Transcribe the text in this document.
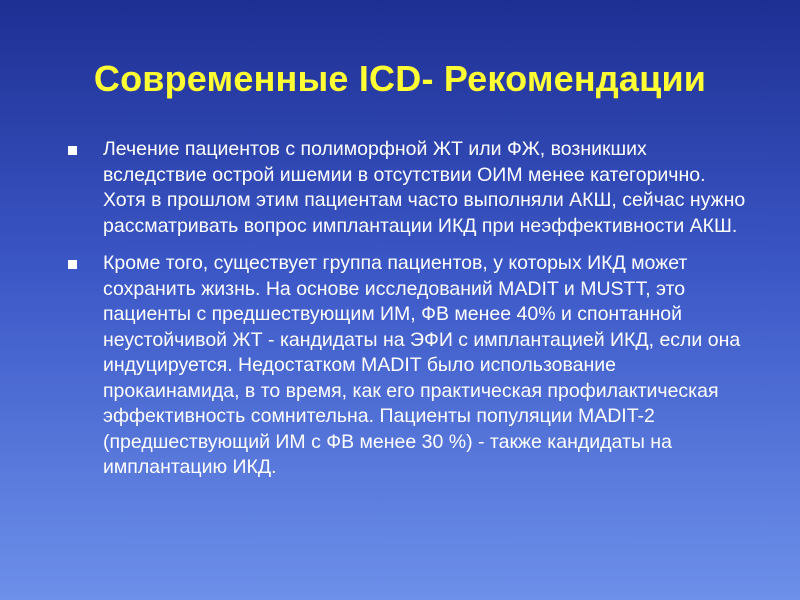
Современные ICD- Рекомендации
Лечение пациентов с полиморфной ЖТ или ФЖ, возникших вследствие острой ишемии в отсутствии ОИМ менее категорично. Хотя в прошлом этим пациентам часто выполняли АКШ, сейчас нужно рассматривать вопрос имплантации ИКД при неэффективности АКШ.
Кроме того, существует группа пациентов, у которых ИКД может сохранить жизнь. На основе исследований MADIT и MUSTT, это пациенты с предшествующим ИМ, ФВ менее 40% и спонтанной неустойчивой ЖТ - кандидаты на ЭФИ с имплантацией ИКД, если она индуцируется. Недостатком MADIT было использование прокаинамида, в то время, как его практическая профилактическая эффективность сомнительна. Пациенты популяции MADIT-2 (предшествующий ИМ с ФВ менее 30 %) - также кандидаты на имплантацию ИКД.
